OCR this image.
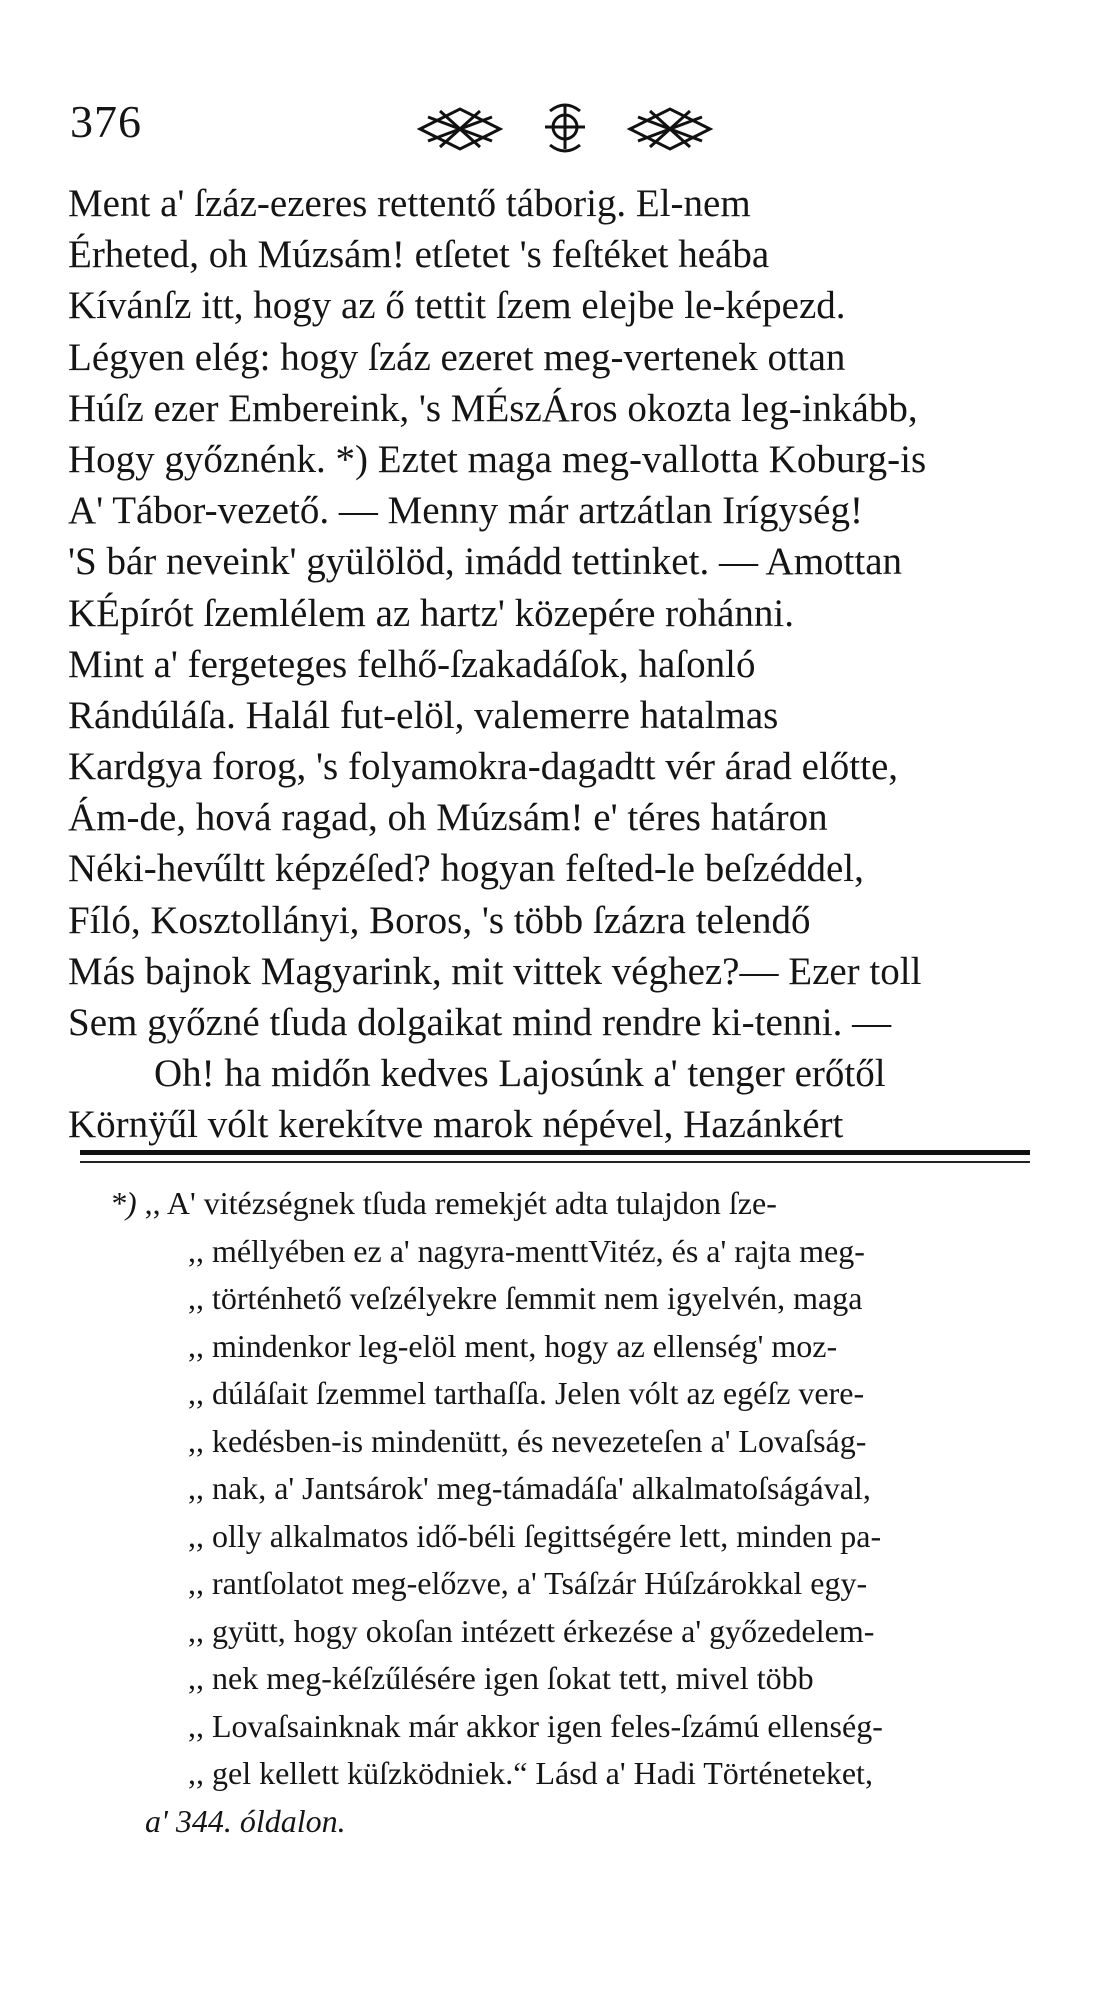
376
Ment a' ſzáz-ezeres rettentő táborig. El-nem
Érheted, oh Múzsám! etſetet 's feſtéket heába
Kívánſz itt, hogy az ő tettit ſzem elejbe le-képezd.
Légyen elég: hogy ſzáz ezeret meg-vertenek ottan
Húſz ezer Embereink, 's MÉszÁros okozta leg-inkább,
Hogy győznénk. *) Eztet maga meg-vallotta Koburg-is
A' Tábor-vezető. — Menny már artzátlan Irígység!
'S bár neveink' gyülölöd, imádd tettinket. — Amottan
KÉpírót ſzemlélem az hartz' közepére rohánni.
Mint a' fergeteges felhő-ſzakadáſok, haſonló
Rándúláſa. Halál fut-elöl, valemerre hatalmas
Kardgya forog, 's folyamokra-dagadtt vér árad előtte,
Ám-de, hová ragad, oh Múzsám! e' téres határon
Néki-hevűltt képzéſed? hogyan feſted-le beſzéddel,
Fíló, Kosztollányi, Boros, 's több ſzázra telendő
Más bajnok Magyarink, mit vittek véghez?— Ezer toll
Sem győzné tſuda dolgaikat mind rendre ki-tenni. —
Oh! ha midőn kedves Lajosúnk a' tenger erőtől
Körnÿűl vólt kerekítve marok népével, Hazánkért
*) ,, A' vitézségnek tſuda remekjét adta tulajdon ſze-
,, méllyében ez a' nagyra-menttVitéz, és a' rajta meg-
,, történhető veſzélyekre ſemmit nem igyelvén, maga
,, mindenkor leg-elöl ment, hogy az ellenség' moz-
,, dúláſait ſzemmel tarthaſſa. Jelen vólt az egéſz vere-
,, kedésben-is mindenütt, és nevezeteſen a' Lovaſság-
,, nak, a' Jantsárok' meg-támadáſa' alkalmatoſságával,
,, olly alkalmatos idő-béli ſegittségére lett, minden pa-
,, rantſolatot meg-előzve, a' Tsáſzár Húſzárokkal egy-
,, gyütt, hogy okoſan intézett érkezése a' győzedelem-
,, nek meg-kéſzűlésére igen ſokat tett, mivel több
,, Lovaſsainknak már akkor igen feles-ſzámú ellenség-
,, gel kellett küſzködniek.“ Lásd a' Hadi Történeteket,
a' 344. óldalon.
